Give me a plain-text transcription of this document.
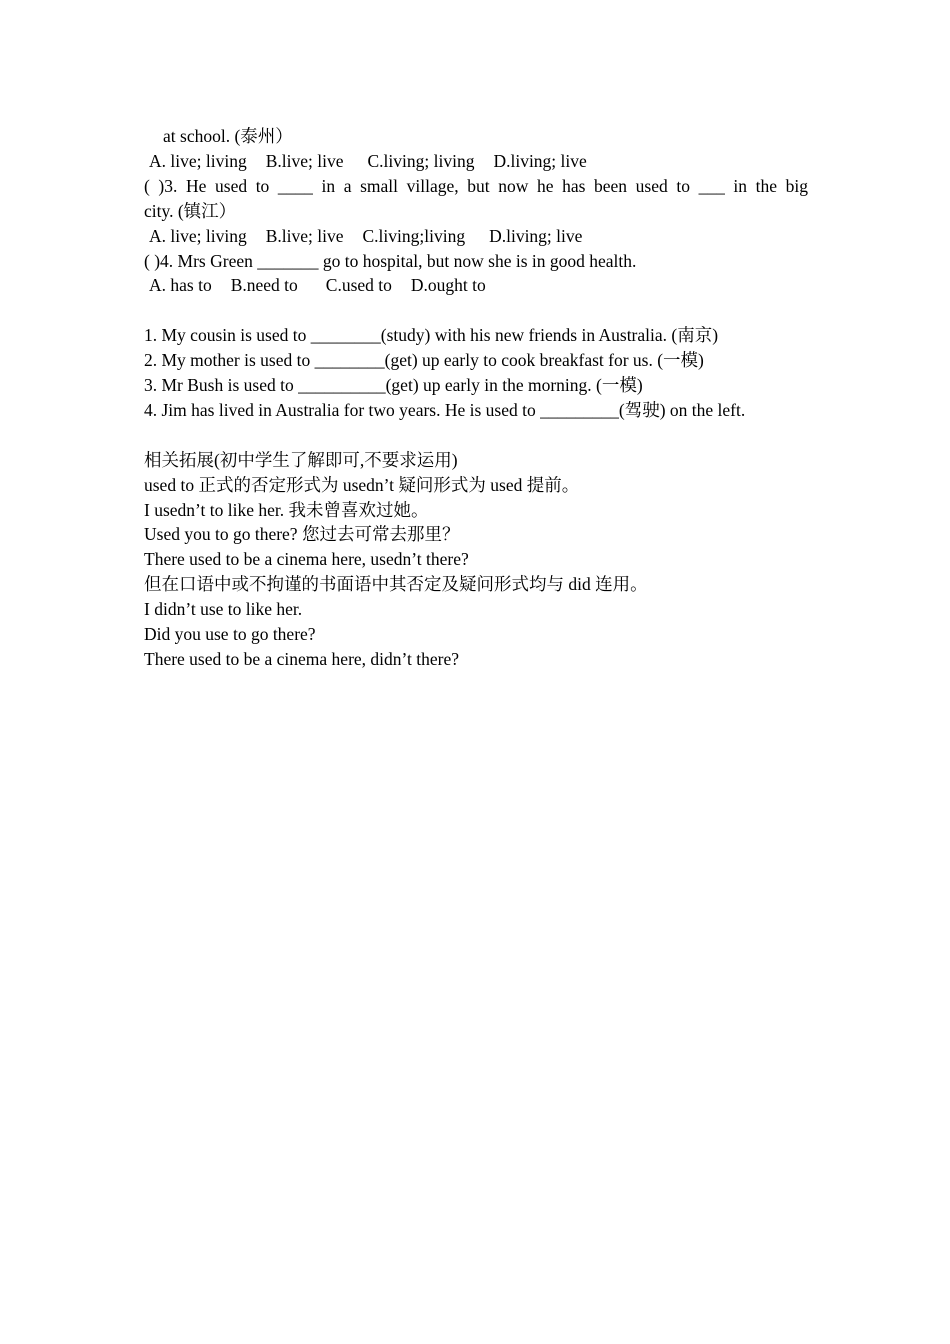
at school. (泰州）
A. live; living B.live; live C.living; living D.living; live
( )3. He used to ____ in a small village, but now he has been used to ___ in the big
city. (镇江）
A. live; living B.live; live C.living;living D.living; live
( )4. Mrs Green _______ go to hospital, but now she is in good health.
A. has to B.need to C.used to D.ought to
1. My cousin is used to ________(study) with his new friends in Australia. (南京)
2. My mother is used to ________(get) up early to cook breakfast for us. (一模)
3. Mr Bush is used to __________(get) up early in the morning. (一模)
4. Jim has lived in Australia for two years. He is used to _________(驾驶) on the left.
相关拓展(初中学生了解即可,不要求运用)
used to 正式的否定形式为 usedn’t 疑问形式为 used 提前。
I usedn’t to like her. 我未曾喜欢过她。
Used you to go there? 您过去可常去那里？
There used to be a cinema here, usedn’t there?
但在口语中或不拘谨的书面语中其否定及疑问形式均与 did 连用。
I didn’t use to like her.
Did you use to go there?
There used to be a cinema here, didn’t there?
